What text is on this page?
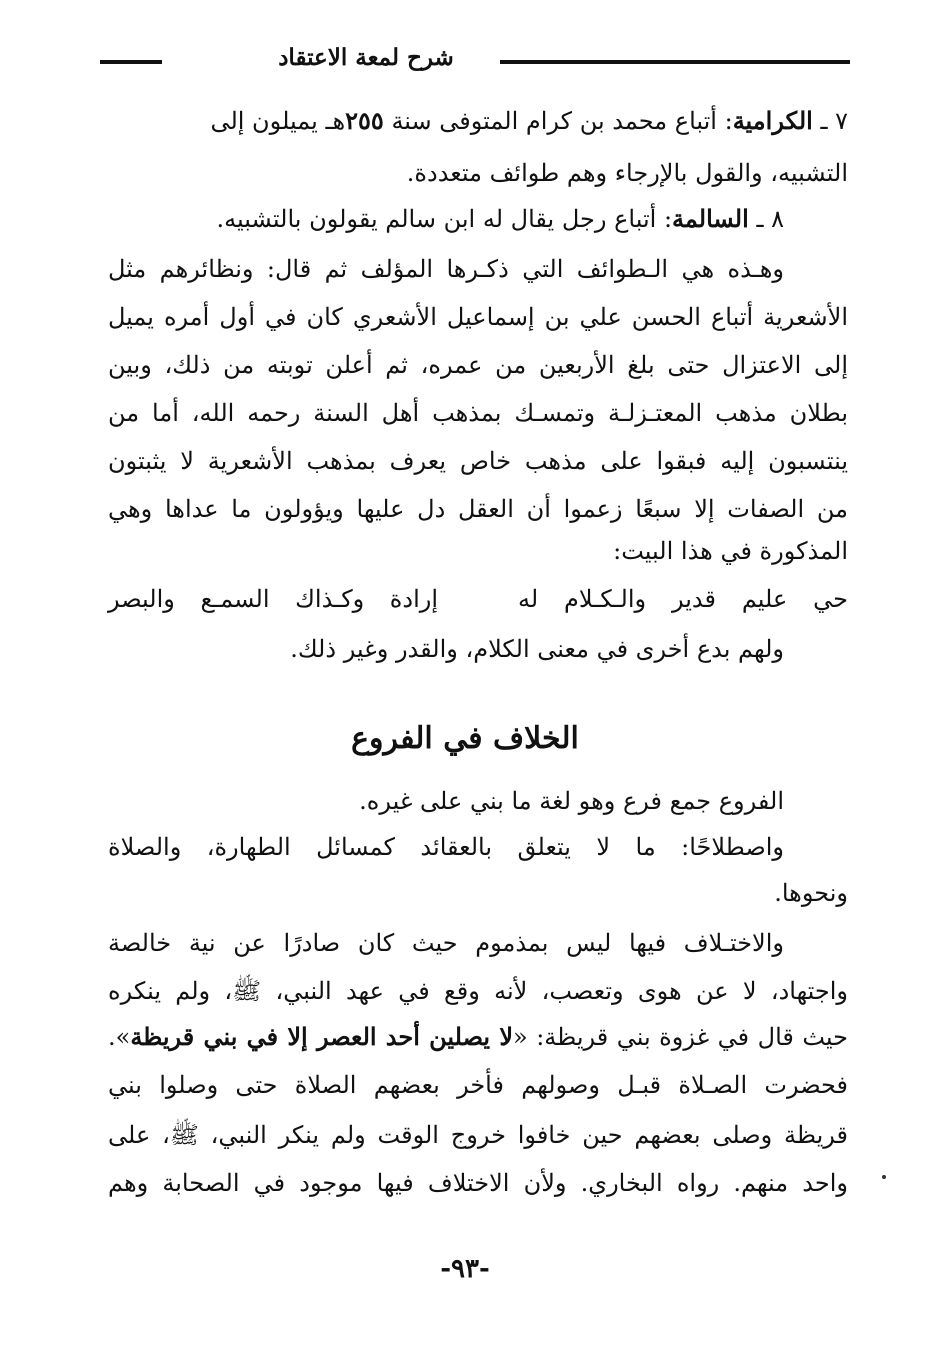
شرح لمعة الاعتقاد
٧ ـ الكرامية: أتباع محمد بن كرام المتوفى سنة ٢٥٥هـ يميلون إلى
التشبيه، والقول بالإرجاء وهم طوائف متعددة.
٨ ـ السالمة: أتباع رجل يقال له ابن سالم يقولون بالتشبيه.
وهـذه هي الـطوائف التي ذكـرها المؤلف ثم قال: ونظائرهم مثل
الأشعرية أتباع الحسن علي بن إسماعيل الأشعري كان في أول أمره يميل
إلى الاعتزال حتى بلغ الأربعين من عمره، ثم أعلن توبته من ذلك، وبين
بطلان مذهب المعتـزلـة وتمسـك بمذهب أهل السنة رحمه الله، أما من
ينتسبون إليه فبقوا على مذهب خاص يعرف بمذهب الأشعرية لا يثبتون
من الصفات إلا سبعًا زعموا أن العقل دل عليها ويؤولون ما عداها وهي
المذكورة في هذا البيت:
حي عليم قدير والـكـلام له
إرادة وكـذاك السمـع والبصر
ولهم بدع أخرى في معنى الكلام، والقدر وغير ذلك.
الخلاف في الفروع
الفروع جمع فرع وهو لغة ما بني على غيره.
واصطلاحًا: ما لا يتعلق بالعقائد كمسائل الطهارة، والصلاة
ونحوها.
والاختـلاف فيها ليس بمذموم حيث كان صادرًا عن نية خالصة
واجتهاد، لا عن هوى وتعصب، لأنه وقع في عهد النبي، ﷺ، ولم ينكره
حيث قال في غزوة بني قريظة: «لا يصلين أحد العصر إلا في بني قريظة».
فحضرت الصـلاة قبـل وصولهم فأخر بعضهم الصلاة حتى وصلوا بني
قريظة وصلى بعضهم حين خافوا خروج الوقت ولم ينكر النبي، ﷺ، على
واحد منهم. رواه البخاري. ولأن الاختلاف فيها موجود في الصحابة وهم
-٩٣-
